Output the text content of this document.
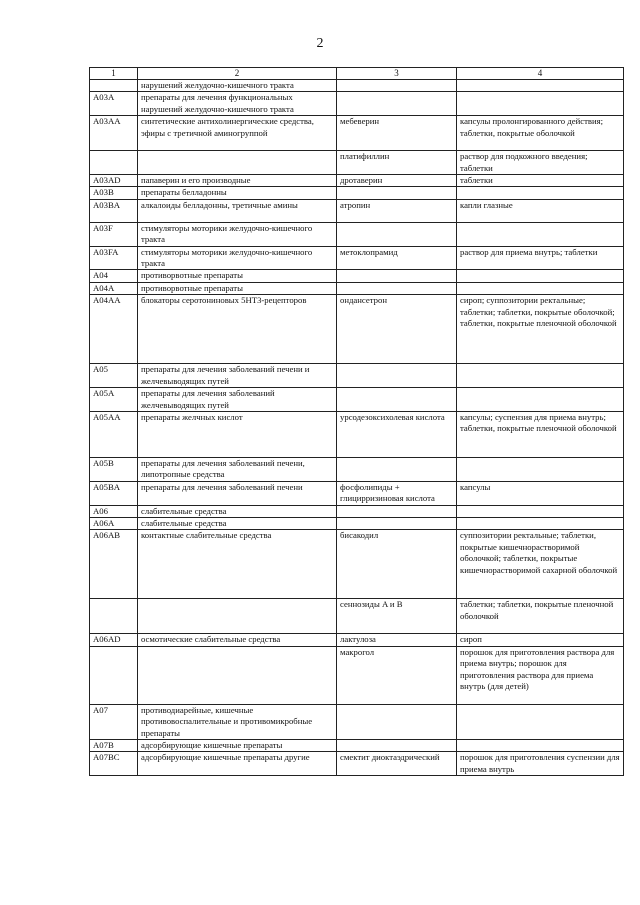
2
1	2	3	4
	нарушений желудочно-кишечного тракта		
A03A	препараты для лечения функциональных нарушений желудочно-кишечного тракта		
A03AA	синтетические антихолинергические средства, эфиры с третичной аминогруппой	мебеверин	капсулы пролонгированного действия; таблетки, покрытые оболочкой
		платифиллин	раствор для подкожного введения; таблетки
A03AD	папаверин и его производные	дротаверин	таблетки
A03B	препараты белладонны		
A03BA	алкалоиды белладонны, третичные амины	атропин	капли глазные
A03F	стимуляторы моторики желудочно-кишечного тракта		
A03FA	стимуляторы моторики желудочно-кишечного тракта	метоклопрамид	раствор для приема внутрь; таблетки
A04	противорвотные препараты		
A04A	противорвотные препараты		
A04AA	блокаторы серотониновых 5НТ3-рецепторов	ондансетрон	сироп; суппозитории ректальные; таблетки; таблетки, покрытые оболочкой; таблетки, покрытые пленочной оболочкой
A05	препараты для лечения заболеваний печени и желчевыводящих путей		
A05A	препараты для лечения заболеваний желчевыводящих путей		
A05AA	препараты желчных кислот	урсодезоксихолевая кислота	капсулы; суспензия для приема внутрь; таблетки, покрытые пленочной оболочкой
A05B	препараты для лечения заболеваний печени, липотропные средства		
A05BA	препараты для лечения заболеваний печени	фосфолипиды + глицирризиновая кислота	капсулы
A06	слабительные средства		
A06A	слабительные средства		
A06AB	контактные слабительные средства	бисакодил	суппозитории ректальные; таблетки, покрытые кишечнорастворимой оболочкой; таблетки, покрытые кишечнорастворимой сахарной оболочкой
		сеннозиды A и B	таблетки; таблетки, покрытые пленочной оболочкой
A06AD	осмотические слабительные средства	лактулоза	сироп
		макрогол	порошок для приготовления раствора для приема внутрь; порошок для приготовления раствора для приема внутрь (для детей)
A07	противодиарейные, кишечные противовоспалительные и противомикробные препараты		
A07B	адсорбирующие кишечные препараты		
A07BC	адсорбирующие кишечные препараты другие	смектит диоктаэдрический	порошок для приготовления суспензии для приема внутрь
